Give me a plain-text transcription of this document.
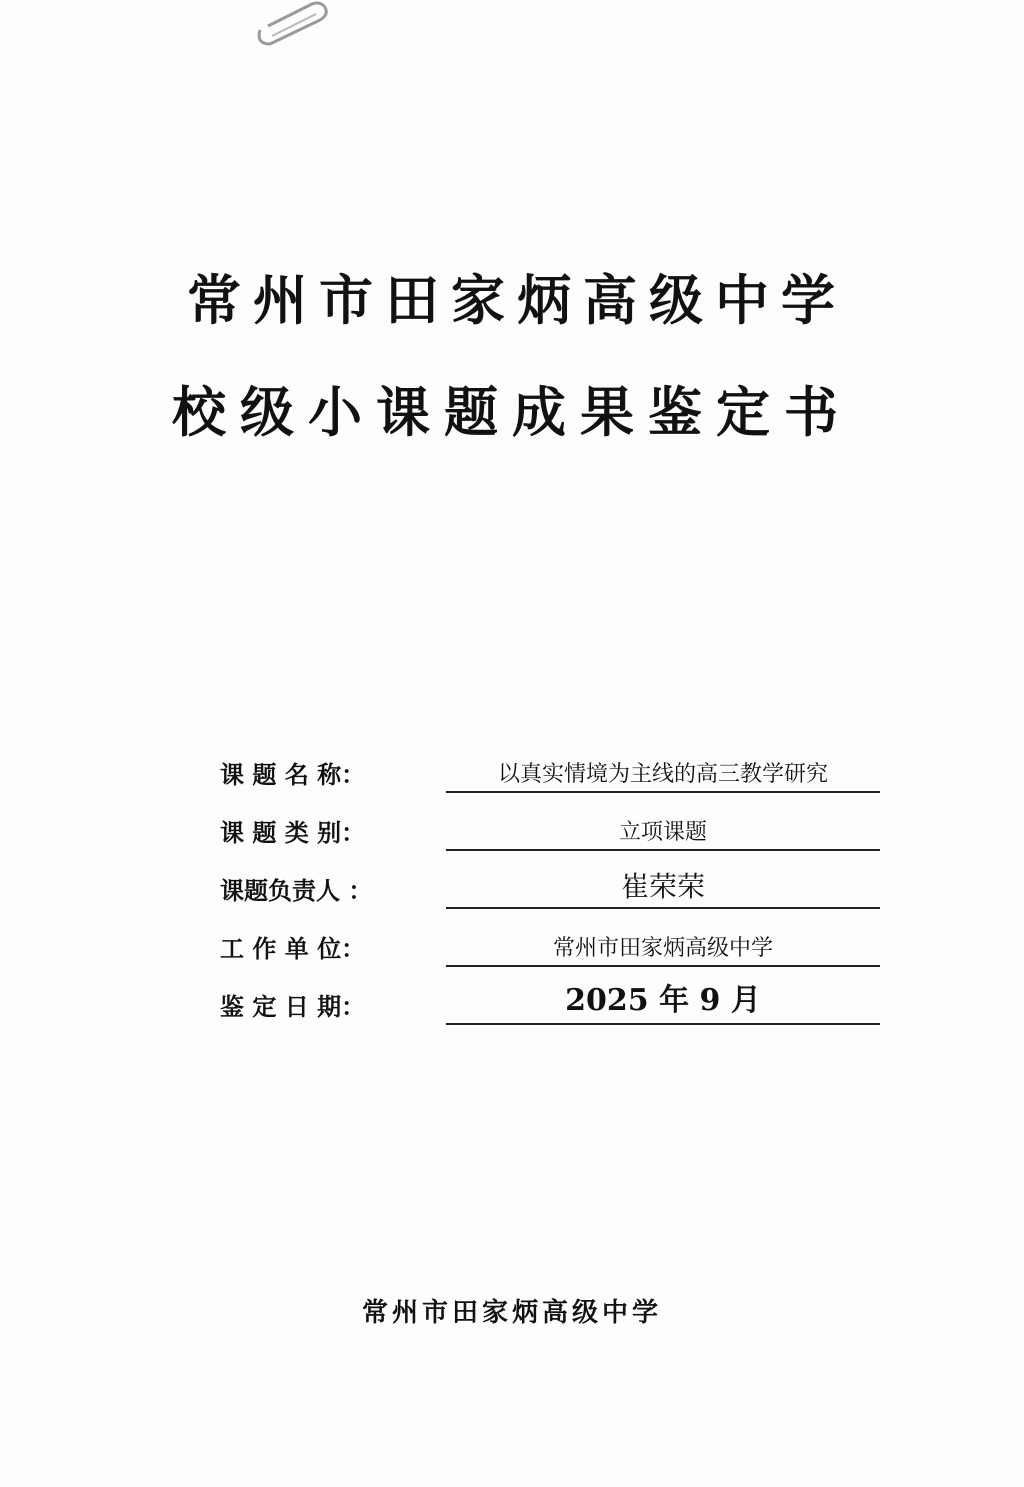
常州市田家炳高级中学
校级小课题成果鉴定书
课 题 名 称：	以真实情境为主线的高三教学研究
课 题 类 别：	立项课题
课题负责人 ：	崔荣荣
工 作 单 位：	常州市田家炳高级中学
鉴 定 日 期：	2025 年 9 月
常州市田家炳高级中学
